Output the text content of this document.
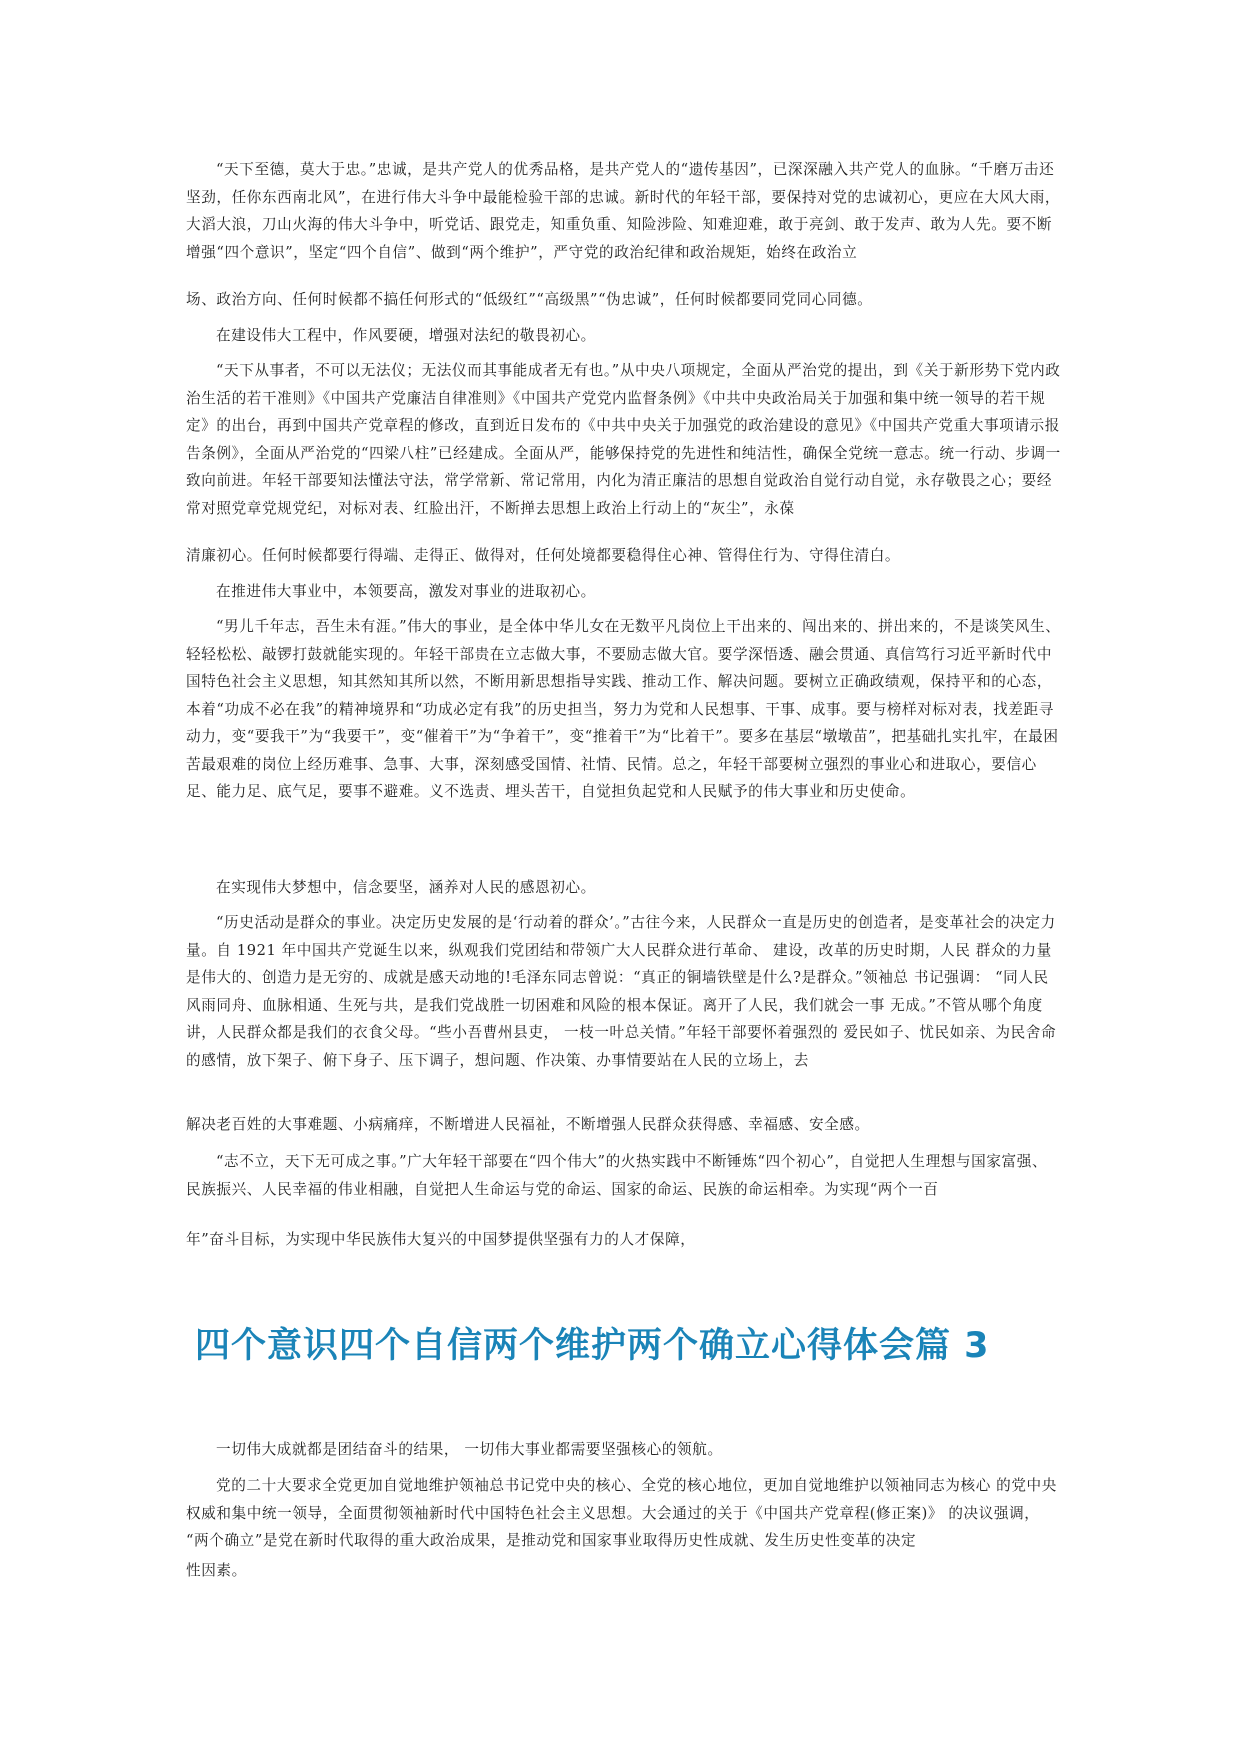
“天下至德，莫大于忠。”忠诚，是共产党人的优秀品格，是共产党人的“遗传基因”，已深深融入共产党人的血脉。“千磨万击还坚劲，任你东西南北风”，在进行伟大斗争中最能检验干部的忠诚。新时代的年轻干部，要保持对党的忠诚初心，更应在大风大雨，大滔大浪，刀山火海的伟大斗争中，听党话、跟党走，知重负重、知险涉险、知难迎难，敢于亮剑、敢于发声、敢为人先。要不断增强“四个意识”，坚定“四个自信”、做到“两个维护”，严守党的政治纪律和政治规矩，始终在政治立

场、政治方向、任何时候都不搞任何形式的“低级红”“高级黑”“伪忠诚”，任何时候都要同党同心同德。

在建设伟大工程中，作风要硬，增强对法纪的敬畏初心。

“天下从事者，不可以无法仪；无法仪而其事能成者无有也。”从中央八项规定，全面从严治党的提出，到《关于新形势下党内政治生活的若干准则》《中国共产党廉洁自律准则》《中国共产党党内监督条例》《中共中央政治局关于加强和集中统一领导的若干规定》的出台，再到中国共产党章程的修改，直到近日发布的《中共中央关于加强党的政治建设的意见》《中国共产党重大事项请示报告条例》，全面从严治党的“四梁八柱”已经建成。全面从严，能够保持党的先进性和纯洁性，确保全党统一意志。统一行动、步调一致向前进。年轻干部要知法懂法守法，常学常新、常记常用，内化为清正廉洁的思想自觉政治自觉行动自觉，永存敬畏之心；要经常对照党章党规党纪，对标对表、红脸出汗，不断掸去思想上政治上行动上的“灰尘”，永葆

清廉初心。任何时候都要行得端、走得正、做得对，任何处境都要稳得住心神、管得住行为、守得住清白。

在推进伟大事业中，本领要高，激发对事业的进取初心。

“男儿千年志，吾生未有涯。”伟大的事业，是全体中华儿女在无数平凡岗位上干出来的、闯出来的、拼出来的，不是谈笑风生、轻轻松松、敲锣打鼓就能实现的。年轻干部贵在立志做大事，不要励志做大官。要学深悟透、融会贯通、真信笃行习近平新时代中国特色社会主义思想，知其然知其所以然，不断用新思想指导实践、推动工作、解决问题。要树立正确政绩观，保持平和的心态，本着“功成不必在我”的精神境界和“功成必定有我”的历史担当，努力为党和人民想事、干事、成事。要与榜样对标对表，找差距寻动力，变“要我干”为“我要干”，变“催着干”为“争着干”，变“推着干”为“比着干”。要多在基层“墩墩苗”，把基础扎实扎牢，在最困苦最艰难的岗位上经历难事、急事、大事，深刻感受国情、社情、民情。总之，年轻干部要树立强烈的事业心和进取心，要信心足、能力足、底气足，要事不避难。义不选责、埋头苦干，自觉担负起党和人民赋予的伟大事业和历史使命。

在实现伟大梦想中，信念要坚，涵养对人民的感恩初心。

“历史活动是群众的事业。决定历史发展的是‘行动着的群众’。”古往今来，人民群众一直是历史的创造者，是变革社会的决定力量。自 1921 年中国共产党诞生以来，纵观我们党团结和带领广大人民群众进行革命、 建设，改革的历史时期，人民 群众的力量是伟大的、创造力是无穷的、成就是感天动地的!毛泽东同志曾说：“真正的铜墙铁壁是什么?是群众。”领袖总 书记强调： “同人民风雨同舟、血脉相通、生死与共，是我们党战胜一切困难和风险的根本保证。离开了人民，我们就会一事 无成。”不管从哪个角度讲，人民群众都是我们的衣食父母。“些小吾曹州县吏， 一枝一叶总关情。”年轻干部要怀着强烈的 爱民如子、忧民如亲、为民舍命的感情，放下架子、俯下身子、压下调子，想问题、作决策、办事情要站在人民的立场上，去

解决老百姓的大事难题、小病痛痒，不断增进人民福祉，不断增强人民群众获得感、幸福感、安全感。

“志不立，天下无可成之事。”广大年轻干部要在“四个伟大”的火热实践中不断锤炼“四个初心”，自觉把人生理想与国家富强、民族振兴、人民幸福的伟业相融，自觉把人生命运与党的命运、国家的命运、民族的命运相牵。为实现“两个一百

年”奋斗目标，为实现中华民族伟大复兴的中国梦提供坚强有力的人才保障，

四个意识四个自信两个维护两个确立心得体会篇 3

一切伟大成就都是团结奋斗的结果， 一切伟大事业都需要坚强核心的领航。

党的二十大要求全党更加自觉地维护领袖总书记党中央的核心、全党的核心地位，更加自觉地维护以领袖同志为核心 的党中央权威和集中统一领导，全面贯彻领袖新时代中国特色社会主义思想。大会通过的关于《中国共产党章程(修正案)》 的决议强调， “两个确立”是党在新时代取得的重大政治成果，是推动党和国家事业取得历史性成就、发生历史性变革的决定

性因素。
